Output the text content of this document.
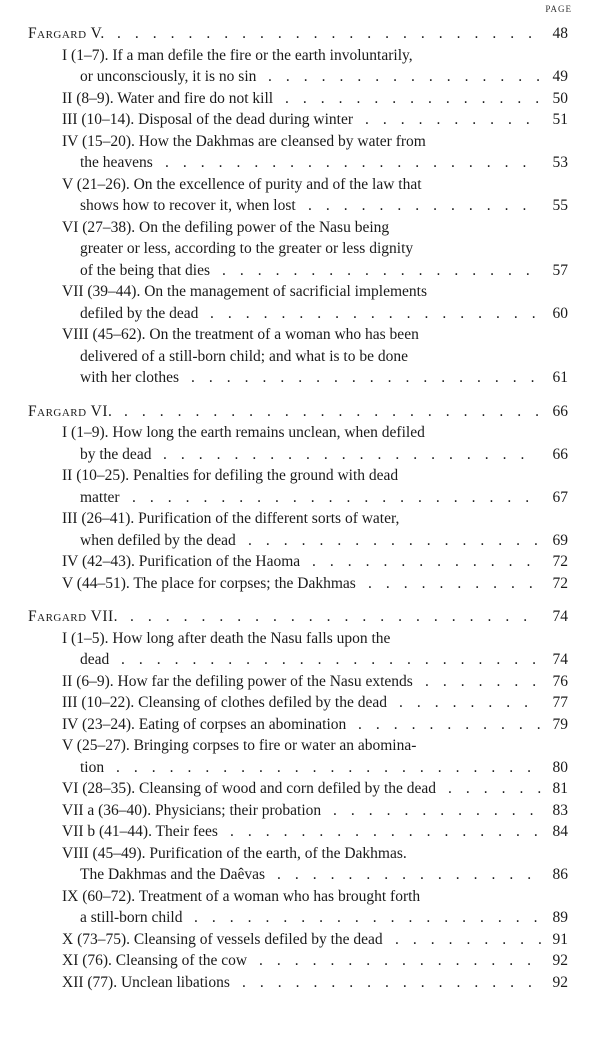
PAGE
Fargard V.	48
........................
I (1–7). If a man defile the fire or the earth involuntarily,
or unconsciously, it is no sin	49
................
II (8–9). Water and fire do not kill	50
...............
III (10–14). Disposal of the dead during winter	51
..........
IV (15–20). How the Dakhmas are cleansed by water from
the heavens	53
.....................
V (21–26). On the excellence of purity and of the law that
shows how to recover it, when lost	55
.............
VI (27–38). On the defiling power of the Nasu being
greater or less, according to the greater or less dignity
of the being that dies	57
..................
VII (39–44). On the management of sacrificial implements
defiled by the dead	60
...................
VIII (45–62). On the treatment of a woman who has been
delivered of a still-born child; and what is to be done
with her clothes	61
....................
Fargard VI.	66
........................
I (1–9). How long the earth remains unclean, when defiled
by the dead	66
.....................
II (10–25). Penalties for defiling the ground with dead
matter	67
.......................
III (26–41). Purification of the different sorts of water,
when defiled by the dead	69
.................
IV (42–43). Purification of the Haoma	72
.............
V (44–51). The place for corpses; the Dakhmas	72
..........
Fargard VII.	74
.......................
I (1–5). How long after death the Nasu falls upon the
dead	74
........................
II (6–9). How far the defiling power of the Nasu extends	76
.......
III (10–22). Cleansing of clothes defiled by the dead	77
........
IV (23–24). Eating of corpses an abomination	79
...........
V (25–27). Bringing corpses to fire or water an abomina-
tion	80
........................
VI (28–35). Cleansing of wood and corn defiled by the dead	81
......
VII a (36–40). Physicians; their probation	83
............
VII b (41–44). Their fees	84
..................
VIII (45–49). Purification of the earth, of the Dakhmas.
The Dakhmas and the Daêvas	86
...............
IX (60–72). Treatment of a woman who has brought forth
a still-born child	89
....................
X (73–75). Cleansing of vessels defiled by the dead	91
.........
XI (76). Cleansing of the cow	92
................
XII (77). Unclean libations	92
.................
